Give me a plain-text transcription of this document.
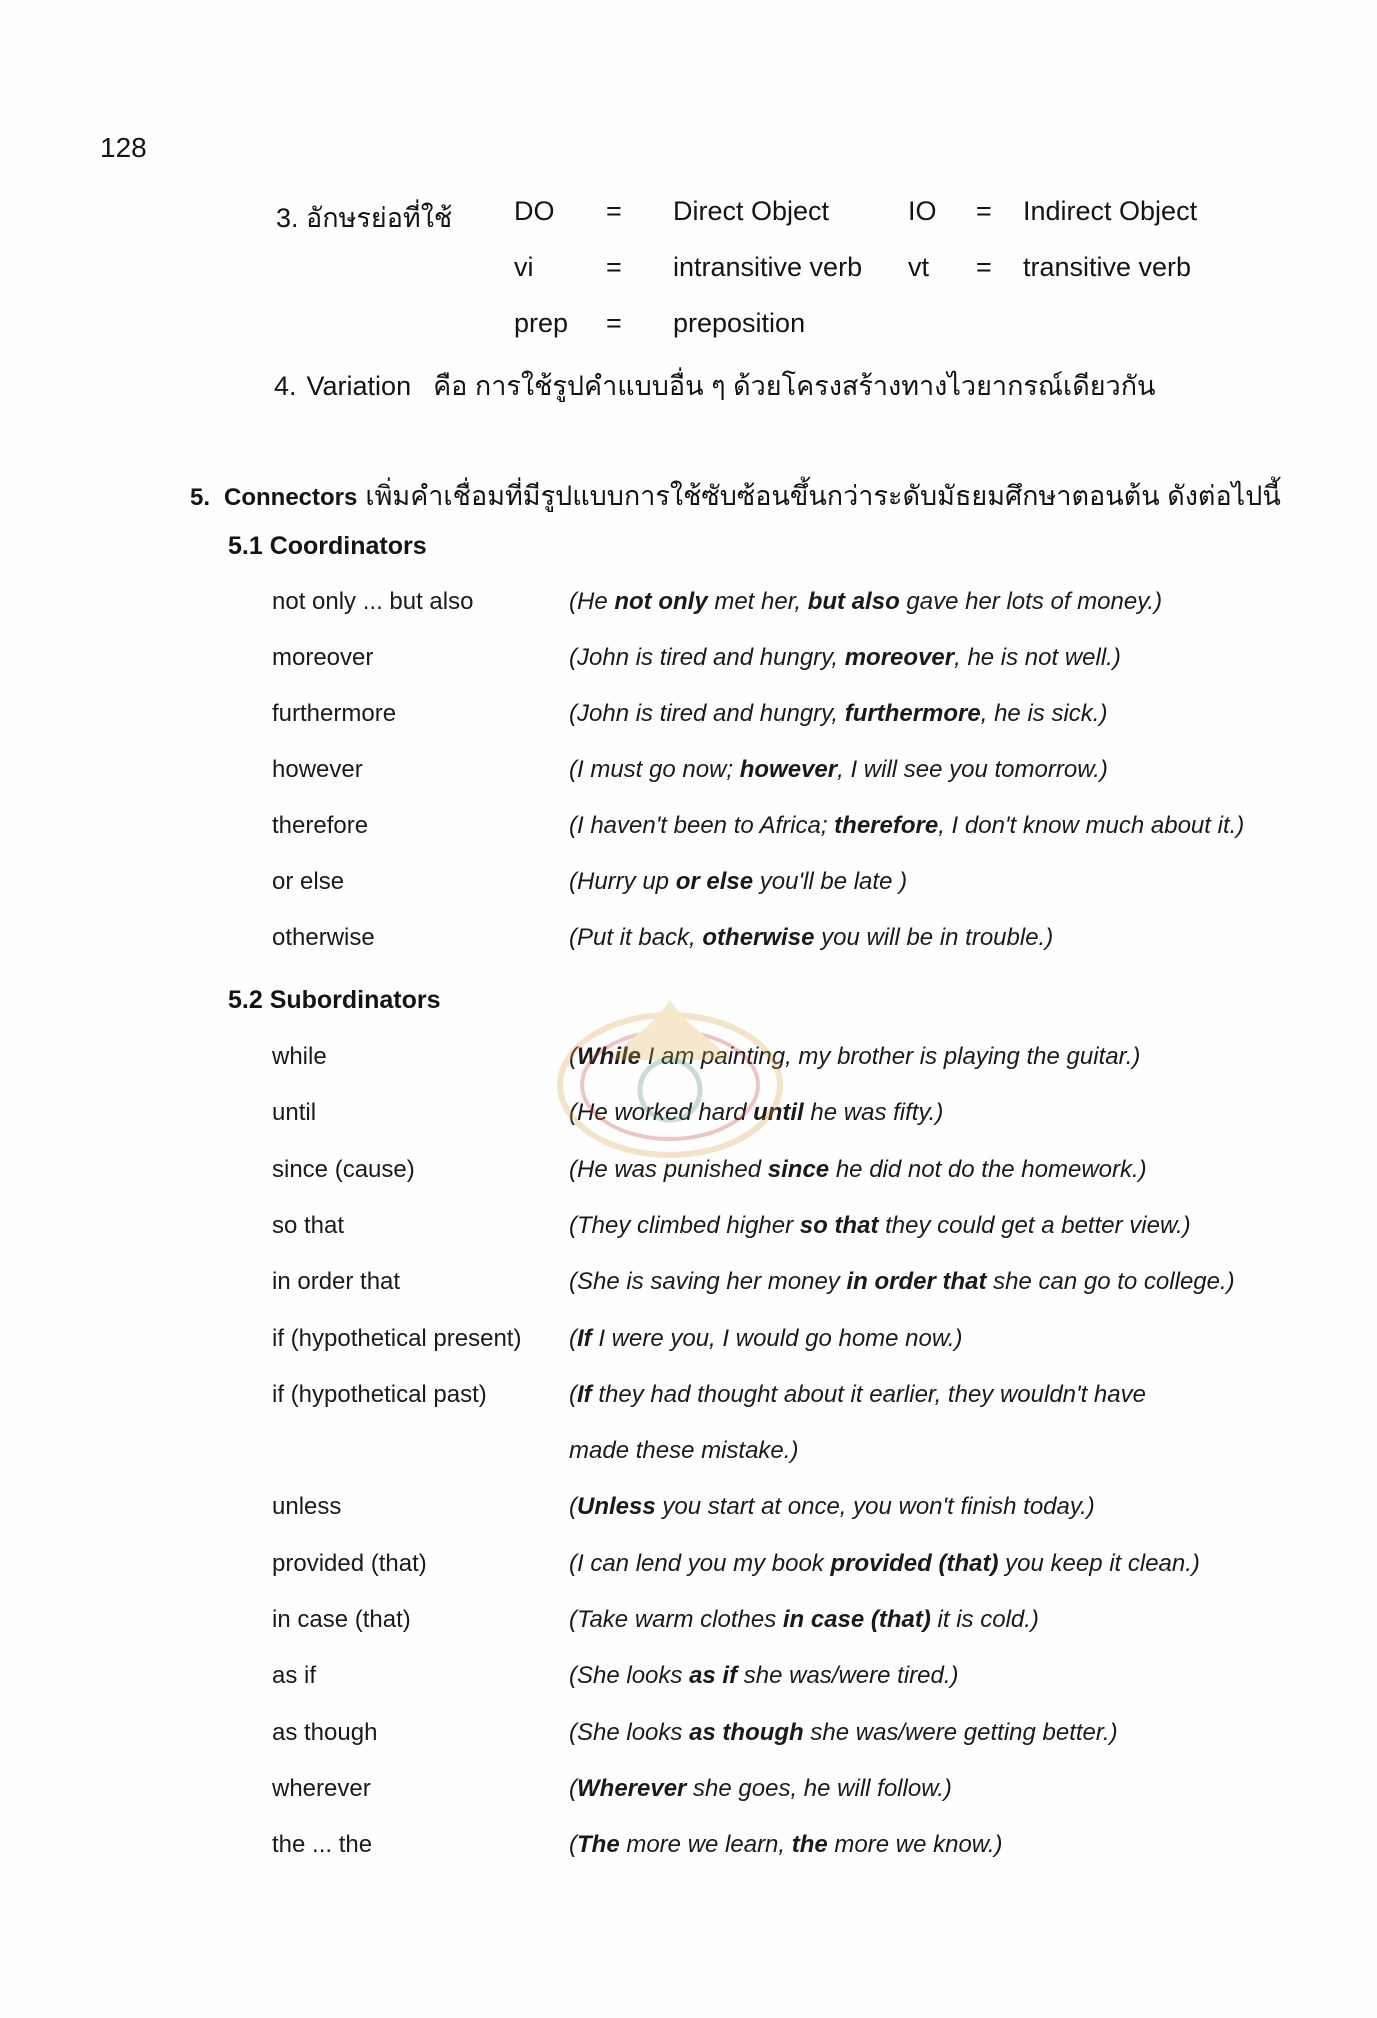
128
3. อักษรย่อที่ใช้ DO = Direct Object	IO = Indirect Object
vi	= intransitive verb vt = transitive verb
prep = preposition
4. Variation คือ การใช้รูปคำแบบอื่น ๆ ด้วยโครงสร้างทางไวยากรณ์เดียวกัน
5. Connectors เพิ่มคำเชื่อมที่มีรูปแบบการใช้ซับซ้อนขึ้นกว่าระดับมัธยมศึกษาตอนต้น ดังต่อไปนี้
5.1 Coordinators
not only ... but also	(He not only met her, but also gave her lots of money.)
moreover	(John is tired and hungry, moreover, he is not well.)
furthermore	(John is tired and hungry, furthermore, he is sick.)
however	(I must go now; however, I will see you tomorrow.)
therefore	(I haven't been to Africa; therefore, I don't know much about it.)
or else	(Hurry up or else you'll be late )
otherwise	(Put it back, otherwise you will be in trouble.)
5.2 Subordinators
while	(While I am painting, my brother is playing the guitar.)
until	(He worked hard until he was fifty.)
since (cause)	(He was punished since he did not do the homework.)
so that	(They climbed higher so that they could get a better view.)
in order that	(She is saving her money in order that she can go to college.)
if (hypothetical present) (If I were you, I would go home now.)
if (hypothetical past)	(If they had thought about it earlier, they wouldn't have
made these mistake.)
unless	(Unless you start at once, you won't finish today.)
provided (that)	(I can lend you my book provided (that) you keep it clean.)
in case (that)	(Take warm clothes in case (that) it is cold.)
as if	(She looks as if she was/were tired.)
as though	(She looks as though she was/were getting better.)
wherever	(Wherever she goes, he will follow.)
the ... the	(The more we learn, the more we know.)
